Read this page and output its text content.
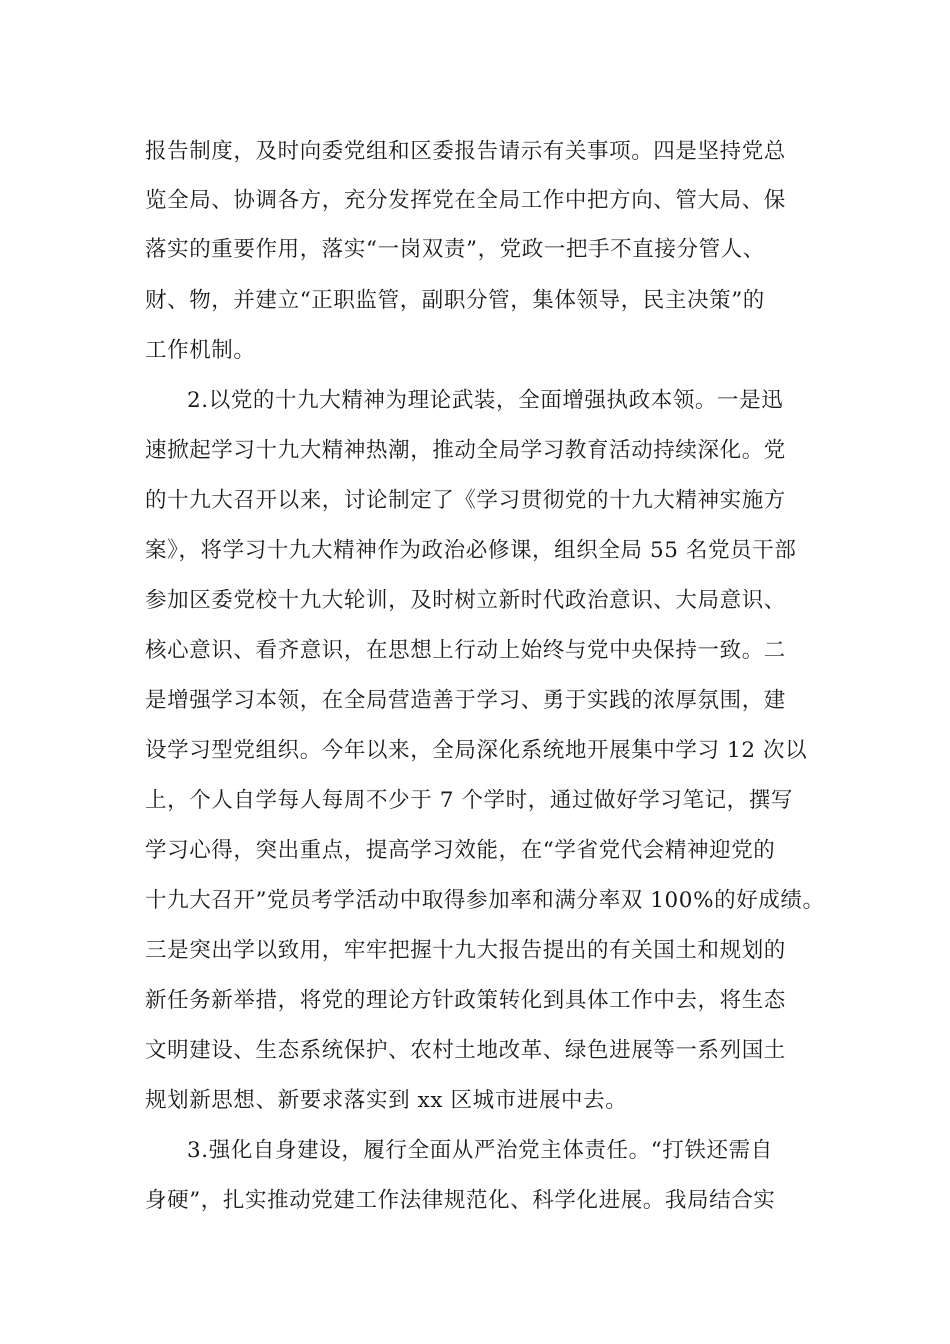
报告制度，及时向委党组和区委报告请示有关事项。四是坚持党总
览全局、协调各方，充分发挥党在全局工作中把方向、管大局、保
落实的重要作用，落实“一岗双责”，党政一把手不直接分管人、
财、物，并建立“正职监管，副职分管，集体领导，民主决策”的
工作机制。
2.以党的十九大精神为理论武装，全面增强执政本领。一是迅
速掀起学习十九大精神热潮，推动全局学习教育活动持续深化。党
的十九大召开以来，讨论制定了《学习贯彻党的十九大精神实施方
案》，将学习十九大精神作为政治必修课，组织全局 55 名党员干部
参加区委党校十九大轮训，及时树立新时代政治意识、大局意识、
核心意识、看齐意识，在思想上行动上始终与党中央保持一致。二
是增强学习本领，在全局营造善于学习、勇于实践的浓厚氛围，建
设学习型党组织。今年以来，全局深化系统地开展集中学习 12 次以
上，个人自学每人每周不少于 7 个学时，通过做好学习笔记，撰写
学习心得，突出重点，提高学习效能，在“学省党代会精神迎党的
十九大召开”党员考学活动中取得参加率和满分率双 100%的好成绩。
三是突出学以致用，牢牢把握十九大报告提出的有关国土和规划的
新任务新举措，将党的理论方针政策转化到具体工作中去，将生态
文明建设、生态系统保护、农村土地改革、绿色进展等一系列国土
规划新思想、新要求落实到 xx 区城市进展中去。
3.强化自身建设，履行全面从严治党主体责任。“打铁还需自
身硬”，扎实推动党建工作法律规范化、科学化进展。我局结合实
